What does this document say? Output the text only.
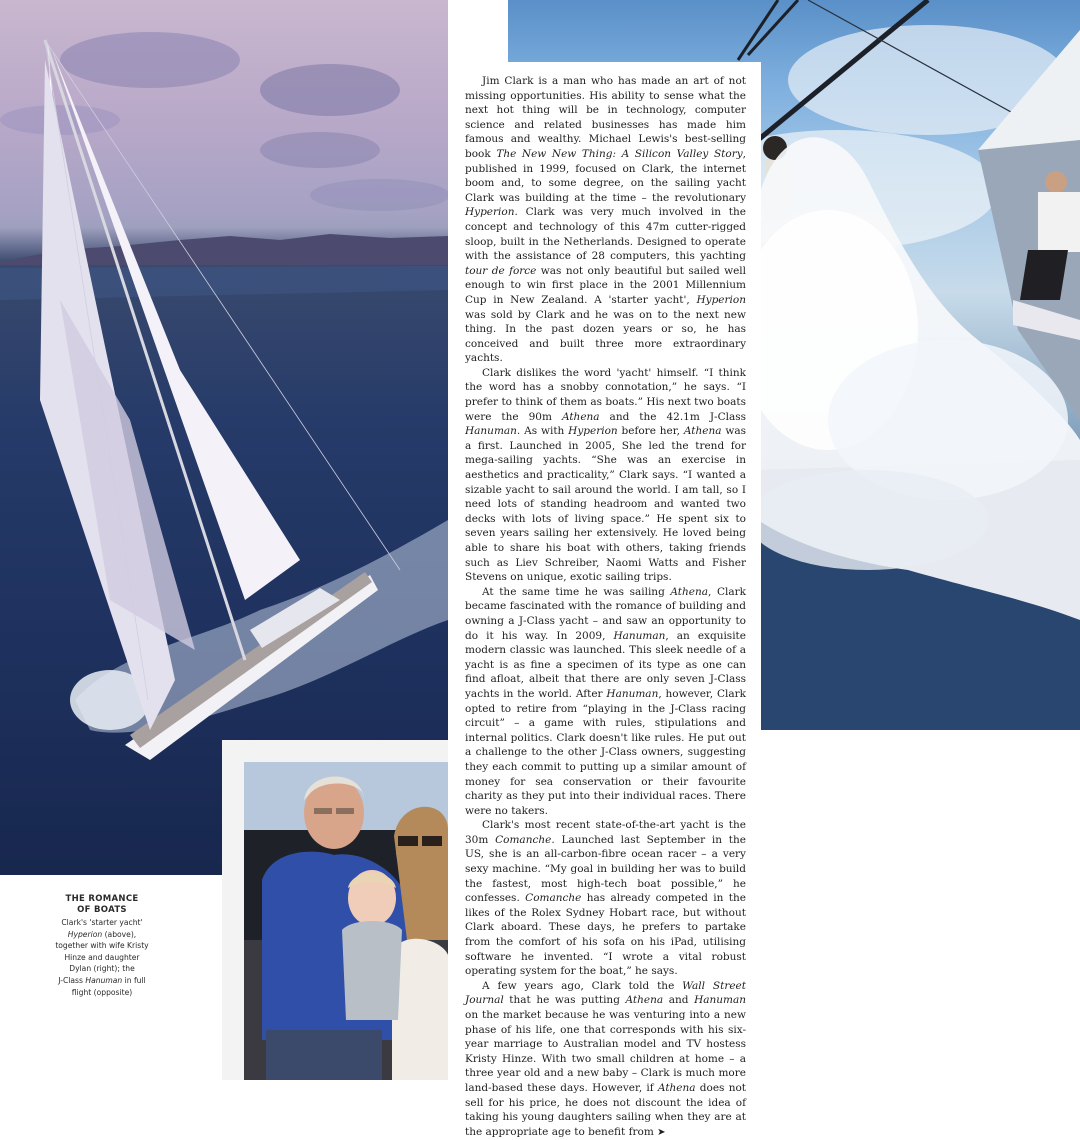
THE ROMANCE OF BOATS
Clark's 'starter yacht'
Hyperion (above),
together with wife Kristy
Hinze and daughter
Dylan (right); the
J-Class Hanuman in full
flight (opposite)

Jim Clark is a man who has made an art of not missing opportunities. His ability to sense what the next hot thing will be in technology, computer science and related businesses has made him famous and wealthy. Michael Lewis's best-selling book The New New Thing: A Silicon Valley Story, published in 1999, focused on Clark, the internet boom and, to some degree, on the sailing yacht Clark was building at the time – the revolutionary Hyperion. Clark was very much involved in the concept and technology of this 47m cutter-rigged sloop, built in the Netherlands. Designed to operate with the assistance of 28 computers, this yachting tour de force was not only beautiful but sailed well enough to win first place in the 2001 Millennium Cup in New Zealand. A 'starter yacht', Hyperion was sold by Clark and he was on to the next new thing. In the past dozen years or so, he has conceived and built three more extraordinary yachts.

Clark dislikes the word 'yacht' himself. “I think the word has a snobby connotation,” he says. “I prefer to think of them as boats.” His next two boats were the 90m Athena and the 42.1m J-Class Hanuman. As with Hyperion before her, Athena was a first. Launched in 2005, She led the trend for mega-sailing yachts. “She was an exercise in aesthetics and practicality,” Clark says. “I wanted a sizable yacht to sail around the world. I am tall, so I need lots of standing headroom and wanted two decks with lots of living space.” He spent six to seven years sailing her extensively. He loved being able to share his boat with others, taking friends such as Liev Schreiber, Naomi Watts and Fisher Stevens on unique, exotic sailing trips.

At the same time he was sailing Athena, Clark became fascinated with the romance of building and owning a J-Class yacht – and saw an opportunity to do it his way. In 2009, Hanuman, an exquisite modern classic was launched. This sleek needle of a yacht is as fine a specimen of its type as one can find afloat, albeit that there are only seven J-Class yachts in the world. After Hanuman, however, Clark opted to retire from “playing in the J-Class racing circuit” – a game with rules, stipulations and internal politics. Clark doesn't like rules. He put out a challenge to the other J-Class owners, suggesting they each commit to putting up a similar amount of money for sea conservation or their favourite charity as they put into their individual races. There were no takers.

Clark's most recent state-of-the-art yacht is the 30m Comanche. Launched last September in the US, she is an all-carbon-fibre ocean racer – a very sexy machine. “My goal in building her was to build the fastest, most high-tech boat possible,” he confesses. Comanche has already competed in the likes of the Rolex Sydney Hobart race, but without Clark aboard. These days, he prefers to partake from the comfort of his sofa on his iPad, utilising software he invented. “I wrote a vital robust operating system for the boat,” he says.

A few years ago, Clark told the Wall Street Journal that he was putting Athena and Hanuman on the market because he was venturing into a new phase of his life, one that corresponds with his six-year marriage to Australian model and TV hostess Kristy Hinze. With two small children at home – a three year old and a new baby – Clark is much more land-based these days. However, if Athena does not sell for his price, he does not discount the idea of taking his young daughters sailing when they are at the appropriate age to benefit from ➤
